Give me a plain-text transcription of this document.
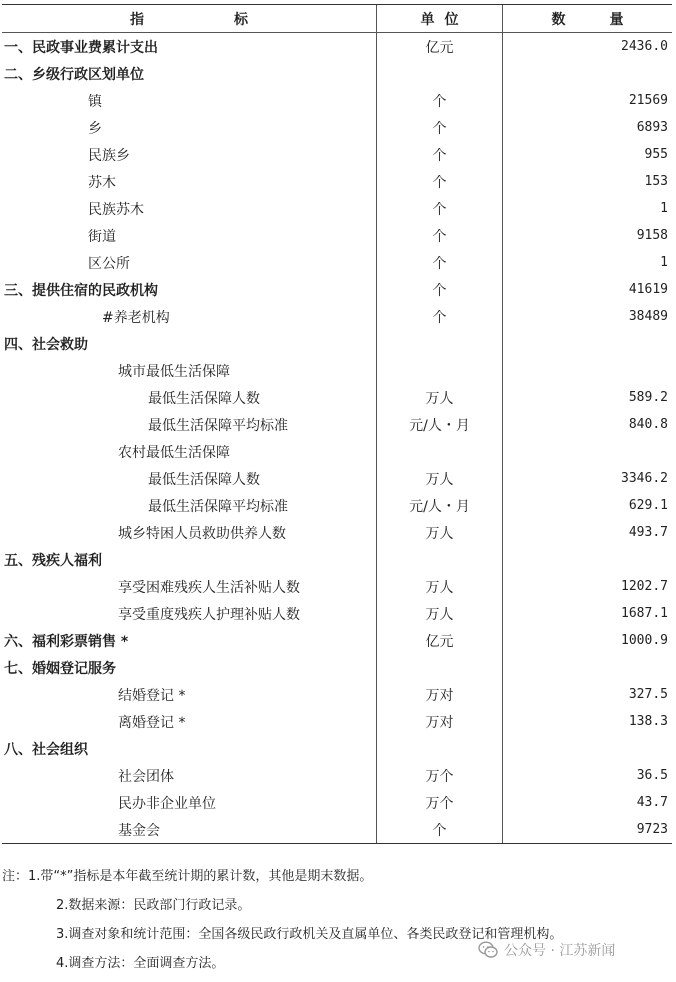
指	标	单 位	数	量
一、民政事业费累计支出	亿元	2436.0
二、乡级行政区划单位
镇	个	21569
乡	个	6893
民族乡	个	955
苏木	个	153
民族苏木	个	1
街道	个	9158
区公所	个	1
三、提供住宿的民政机构	个	41619
#养老机构	个	38489
四、社会救助
城市最低生活保障
最低生活保障人数	万人	589.2
最低生活保障平均标准	元/人・月	840.8
农村最低生活保障
最低生活保障人数	万人	3346.2
最低生活保障平均标准	元/人・月	629.1
城乡特困人员救助供养人数	万人	493.7
五、残疾人福利
享受困难残疾人生活补贴人数	万人	1202.7
享受重度残疾人护理补贴人数	万人	1687.1
六、福利彩票销售 *	亿元	1000.9
七、婚姻登记服务
结婚登记 *	万对	327.5
离婚登记 *	万对	138.3
八、社会组织
社会团体	万个	36.5
民办非企业单位	万个	43.7
基金会	个	9723
注：1.带“*”指标是本年截至统计期的累计数，其他是期末数据。
2.数据来源：民政部门行政记录。
3.调查对象和统计范围：全国各级民政行政机关及直属单位、各类民政登记和管理机构。
4.调查方法：全面调查方法。
公众号 · 江苏新闻
